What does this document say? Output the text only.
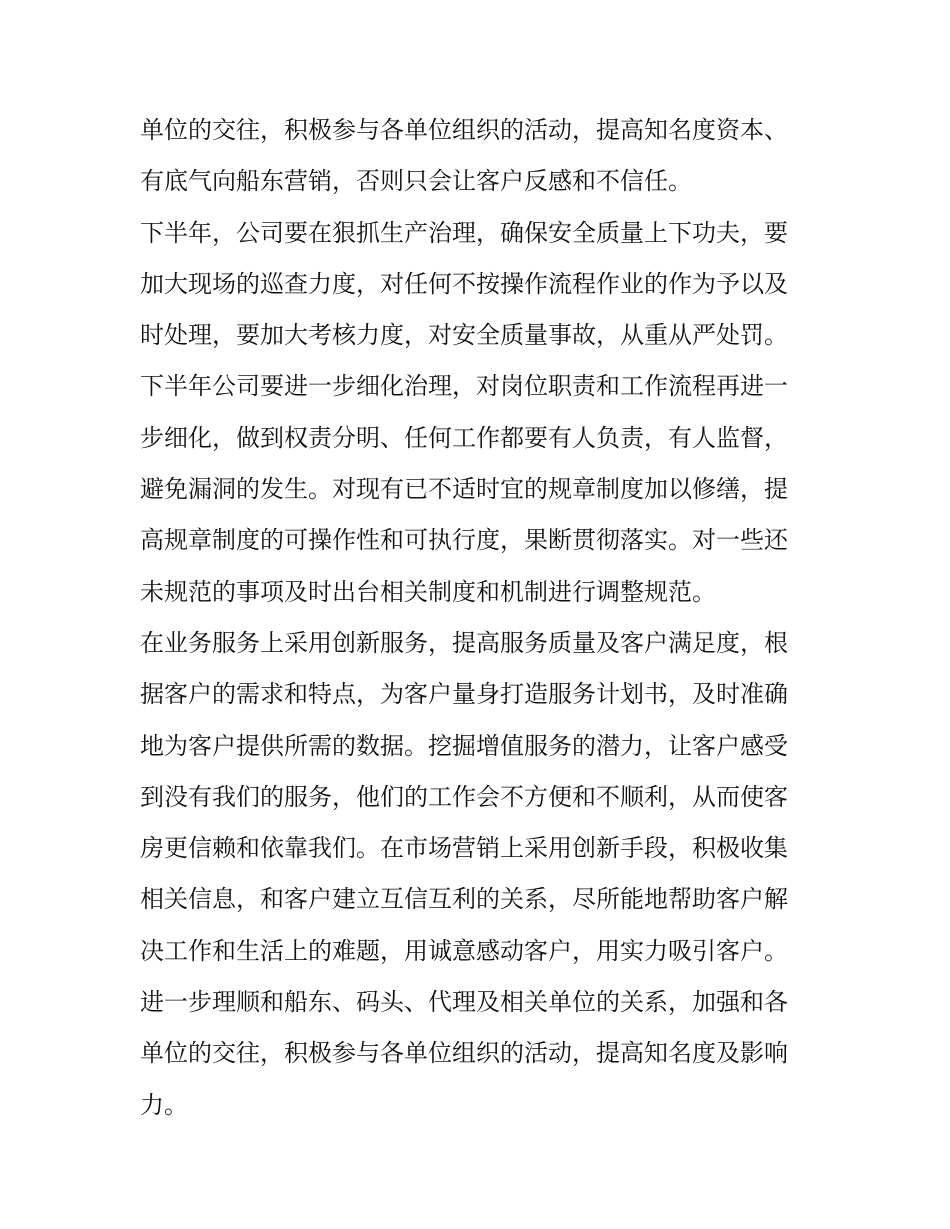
单位的交往，积极参与各单位组织的活动，提高知名度资本、
有底气向船东营销，否则只会让客户反感和不信任。
下半年，公司要在狠抓生产治理，确保安全质量上下功夫，要
加大现场的巡查力度，对任何不按操作流程作业的作为予以及
时处理，要加大考核力度，对安全质量事故，从重从严处罚。
下半年公司要进一步细化治理，对岗位职责和工作流程再进一
步细化，做到权责分明、任何工作都要有人负责，有人监督，
避免漏洞的发生。对现有已不适时宜的规章制度加以修缮，提
高规章制度的可操作性和可执行度，果断贯彻落实。对一些还
未规范的事项及时出台相关制度和机制进行调整规范。
在业务服务上采用创新服务，提高服务质量及客户满足度，根
据客户的需求和特点，为客户量身打造服务计划书，及时准确
地为客户提供所需的数据。挖掘增值服务的潜力，让客户感受
到没有我们的服务，他们的工作会不方便和不顺利，从而使客
房更信赖和依靠我们。在市场营销上采用创新手段，积极收集
相关信息，和客户建立互信互利的关系，尽所能地帮助客户解
决工作和生活上的难题，用诚意感动客户，用实力吸引客户。
进一步理顺和船东、码头、代理及相关单位的关系，加强和各
单位的交往，积极参与各单位组织的活动，提高知名度及影响
力。
